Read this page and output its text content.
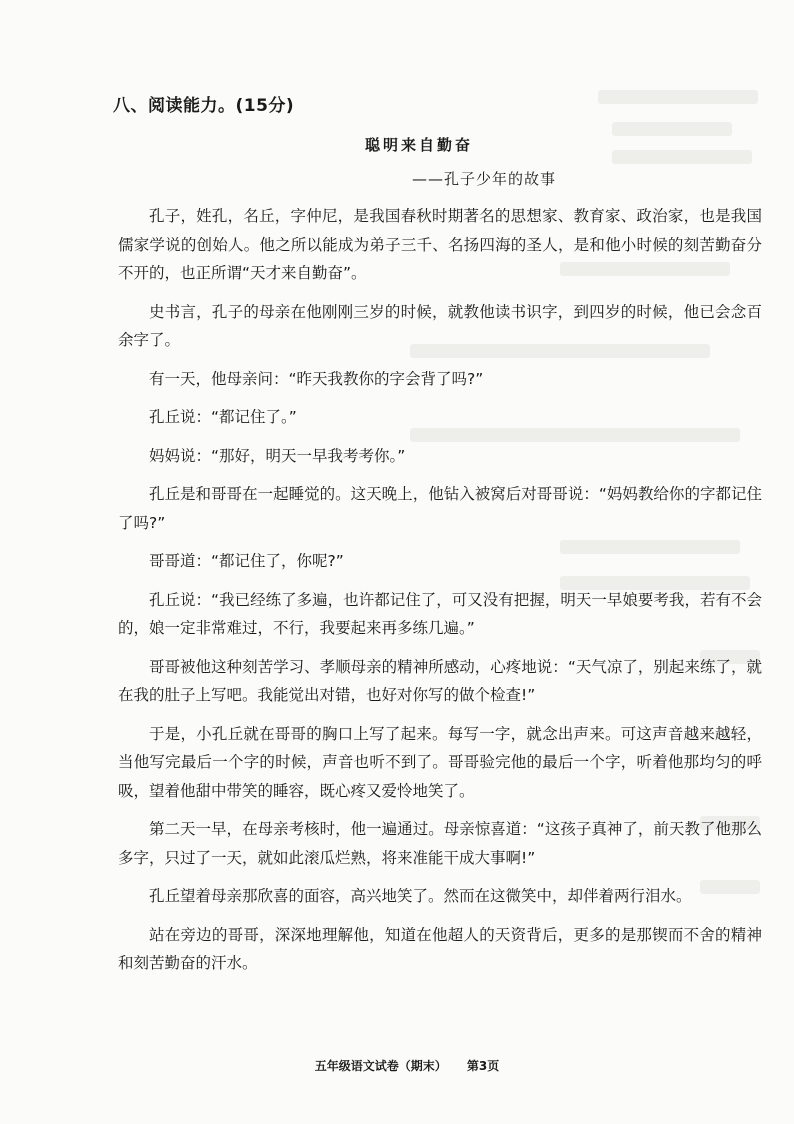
八、阅读能力。(15分)
聪明来自勤奋
——孔子少年的故事

孔子，姓孔，名丘，字仲尼，是我国春秋时期著名的思想家、教育家、政治家，也是我国儒家学说的创始人。他之所以能成为弟子三千、名扬四海的圣人，是和他小时候的刻苦勤奋分不开的，也正所谓“天才来自勤奋”。

史书言，孔子的母亲在他刚刚三岁的时候，就教他读书识字，到四岁的时候，他已会念百余字了。

有一天，他母亲问：“昨天我教你的字会背了吗?”

孔丘说：“都记住了。”

妈妈说：“那好，明天一早我考考你。”

孔丘是和哥哥在一起睡觉的。这天晚上，他钻入被窝后对哥哥说：“妈妈教给你的字都记住了吗?”

哥哥道：“都记住了，你呢?”

孔丘说：“我已经练了多遍，也许都记住了，可又没有把握，明天一早娘要考我，若有不会的，娘一定非常难过，不行，我要起来再多练几遍。”

哥哥被他这种刻苦学习、孝顺母亲的精神所感动，心疼地说：“天气凉了，别起来练了，就在我的肚子上写吧。我能觉出对错，也好对你写的做个检查!”

于是，小孔丘就在哥哥的胸口上写了起来。每写一字，就念出声来。可这声音越来越轻，当他写完最后一个字的时候，声音也听不到了。哥哥验完他的最后一个字，听着他那均匀的呼吸，望着他甜中带笑的睡容，既心疼又爱怜地笑了。

第二天一早，在母亲考核时，他一遍通过。母亲惊喜道：“这孩子真神了，前天教了他那么多字，只过了一天，就如此滚瓜烂熟，将来准能干成大事啊!”

孔丘望着母亲那欣喜的面容，高兴地笑了。然而在这微笑中，却伴着两行泪水。

站在旁边的哥哥，深深地理解他，知道在他超人的天资背后，更多的是那锲而不舍的精神和刻苦勤奋的汗水。

五年级语文试卷（期末） 第3页
